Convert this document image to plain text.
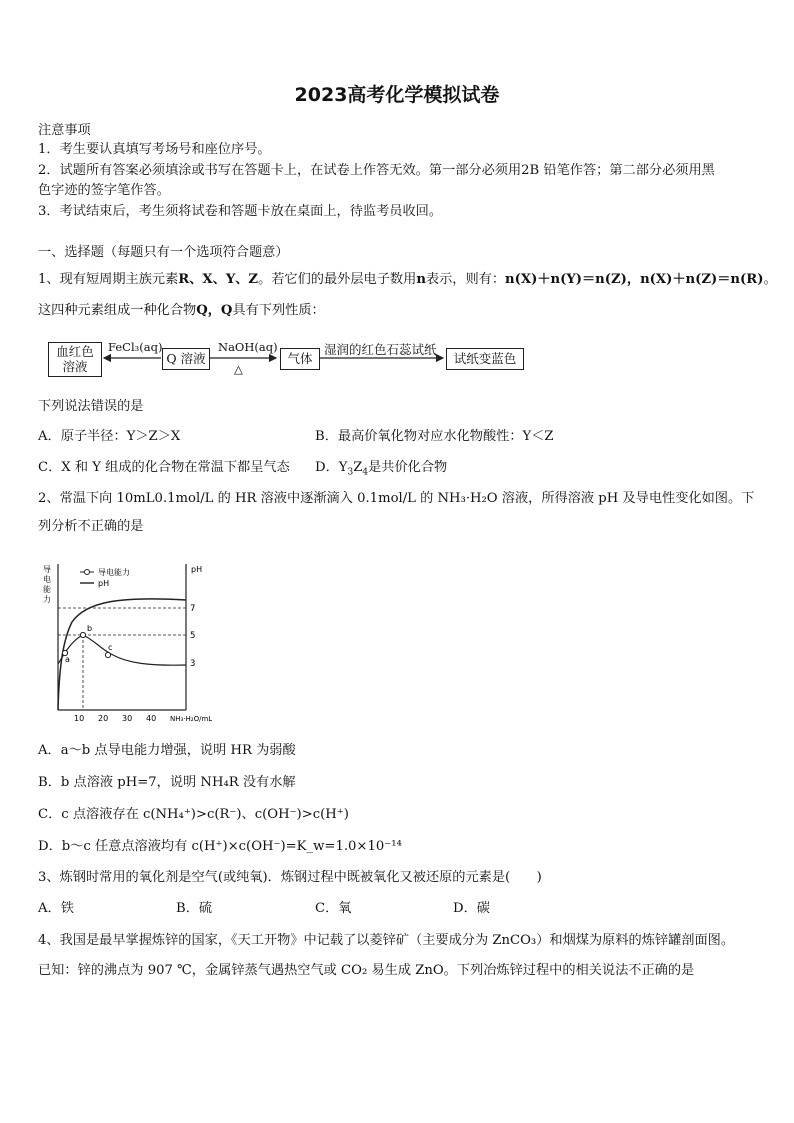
2023高考化学模拟试卷
注意事项
1．考生要认真填写考场号和座位序号。
2．试题所有答案必须填涂或书写在答题卡上，在试卷上作答无效。第一部分必须用2B 铅笔作答；第二部分必须用黑
色字迹的签字笔作答。
3．考试结束后，考生须将试卷和答题卡放在桌面上，待监考员收回。
一、选择题（每题只有一个选项符合题意）
1、现有短周期主族元素R、X、Y、Z。若它们的最外层电子数用n表示，则有：n(X)＋n(Y)＝n(Z)，n(X)＋n(Z)＝n(R)。
这四种元素组成一种化合物Q，Q具有下列性质：
血红色
溶液
FeCl₃(aq)
Q 溶液
NaOH(aq)
△
气体
湿润的红色石蕊试纸
试纸变蓝色
下列说法错误的是
A．原子半径：Y＞Z＞X	B．最高价氧化物对应水化物酸性：Y＜Z
C．X 和 Y 组成的化合物在常温下都呈气态 D．$Y_3Z_4$是共价化合物
2、常温下向 10mL0.1mol/L 的 HR 溶液中逐渐滴入 0.1mol/L 的 NH₃·H₂O 溶液，所得溶液 pH 及导电性变化如图。下
列分析不正确的是
导电能力
pH
导电能力
pH
7
5
3
a
b
c
10 20 30 40 NH₃·H₂O/mL
A．a～b 点导电能力增强，说明 HR 为弱酸
B．b 点溶液 pH=7，说明 NH₄R 没有水解
C．c 点溶液存在 c(NH₄⁺)>c(R⁻)、c(OH⁻)>c(H⁺)
D．b～c 任意点溶液均有 c(H⁺)×c(OH⁻)=K_w=1.0×10⁻¹⁴
3、炼钢时常用的氧化剂是空气(或纯氧)．炼钢过程中既被氧化又被还原的元素是(　　)
A．铁	B．硫	C．氧	D．碳
4、我国是最早掌握炼锌的国家，《天工开物》中记载了以菱锌矿（主要成分为 ZnCO₃）和烟煤为原料的炼锌罐剖面图。
已知：锌的沸点为 907 ℃，金属锌蒸气遇热空气或 CO₂ 易生成 ZnO。下列冶炼锌过程中的相关说法不正确的是
